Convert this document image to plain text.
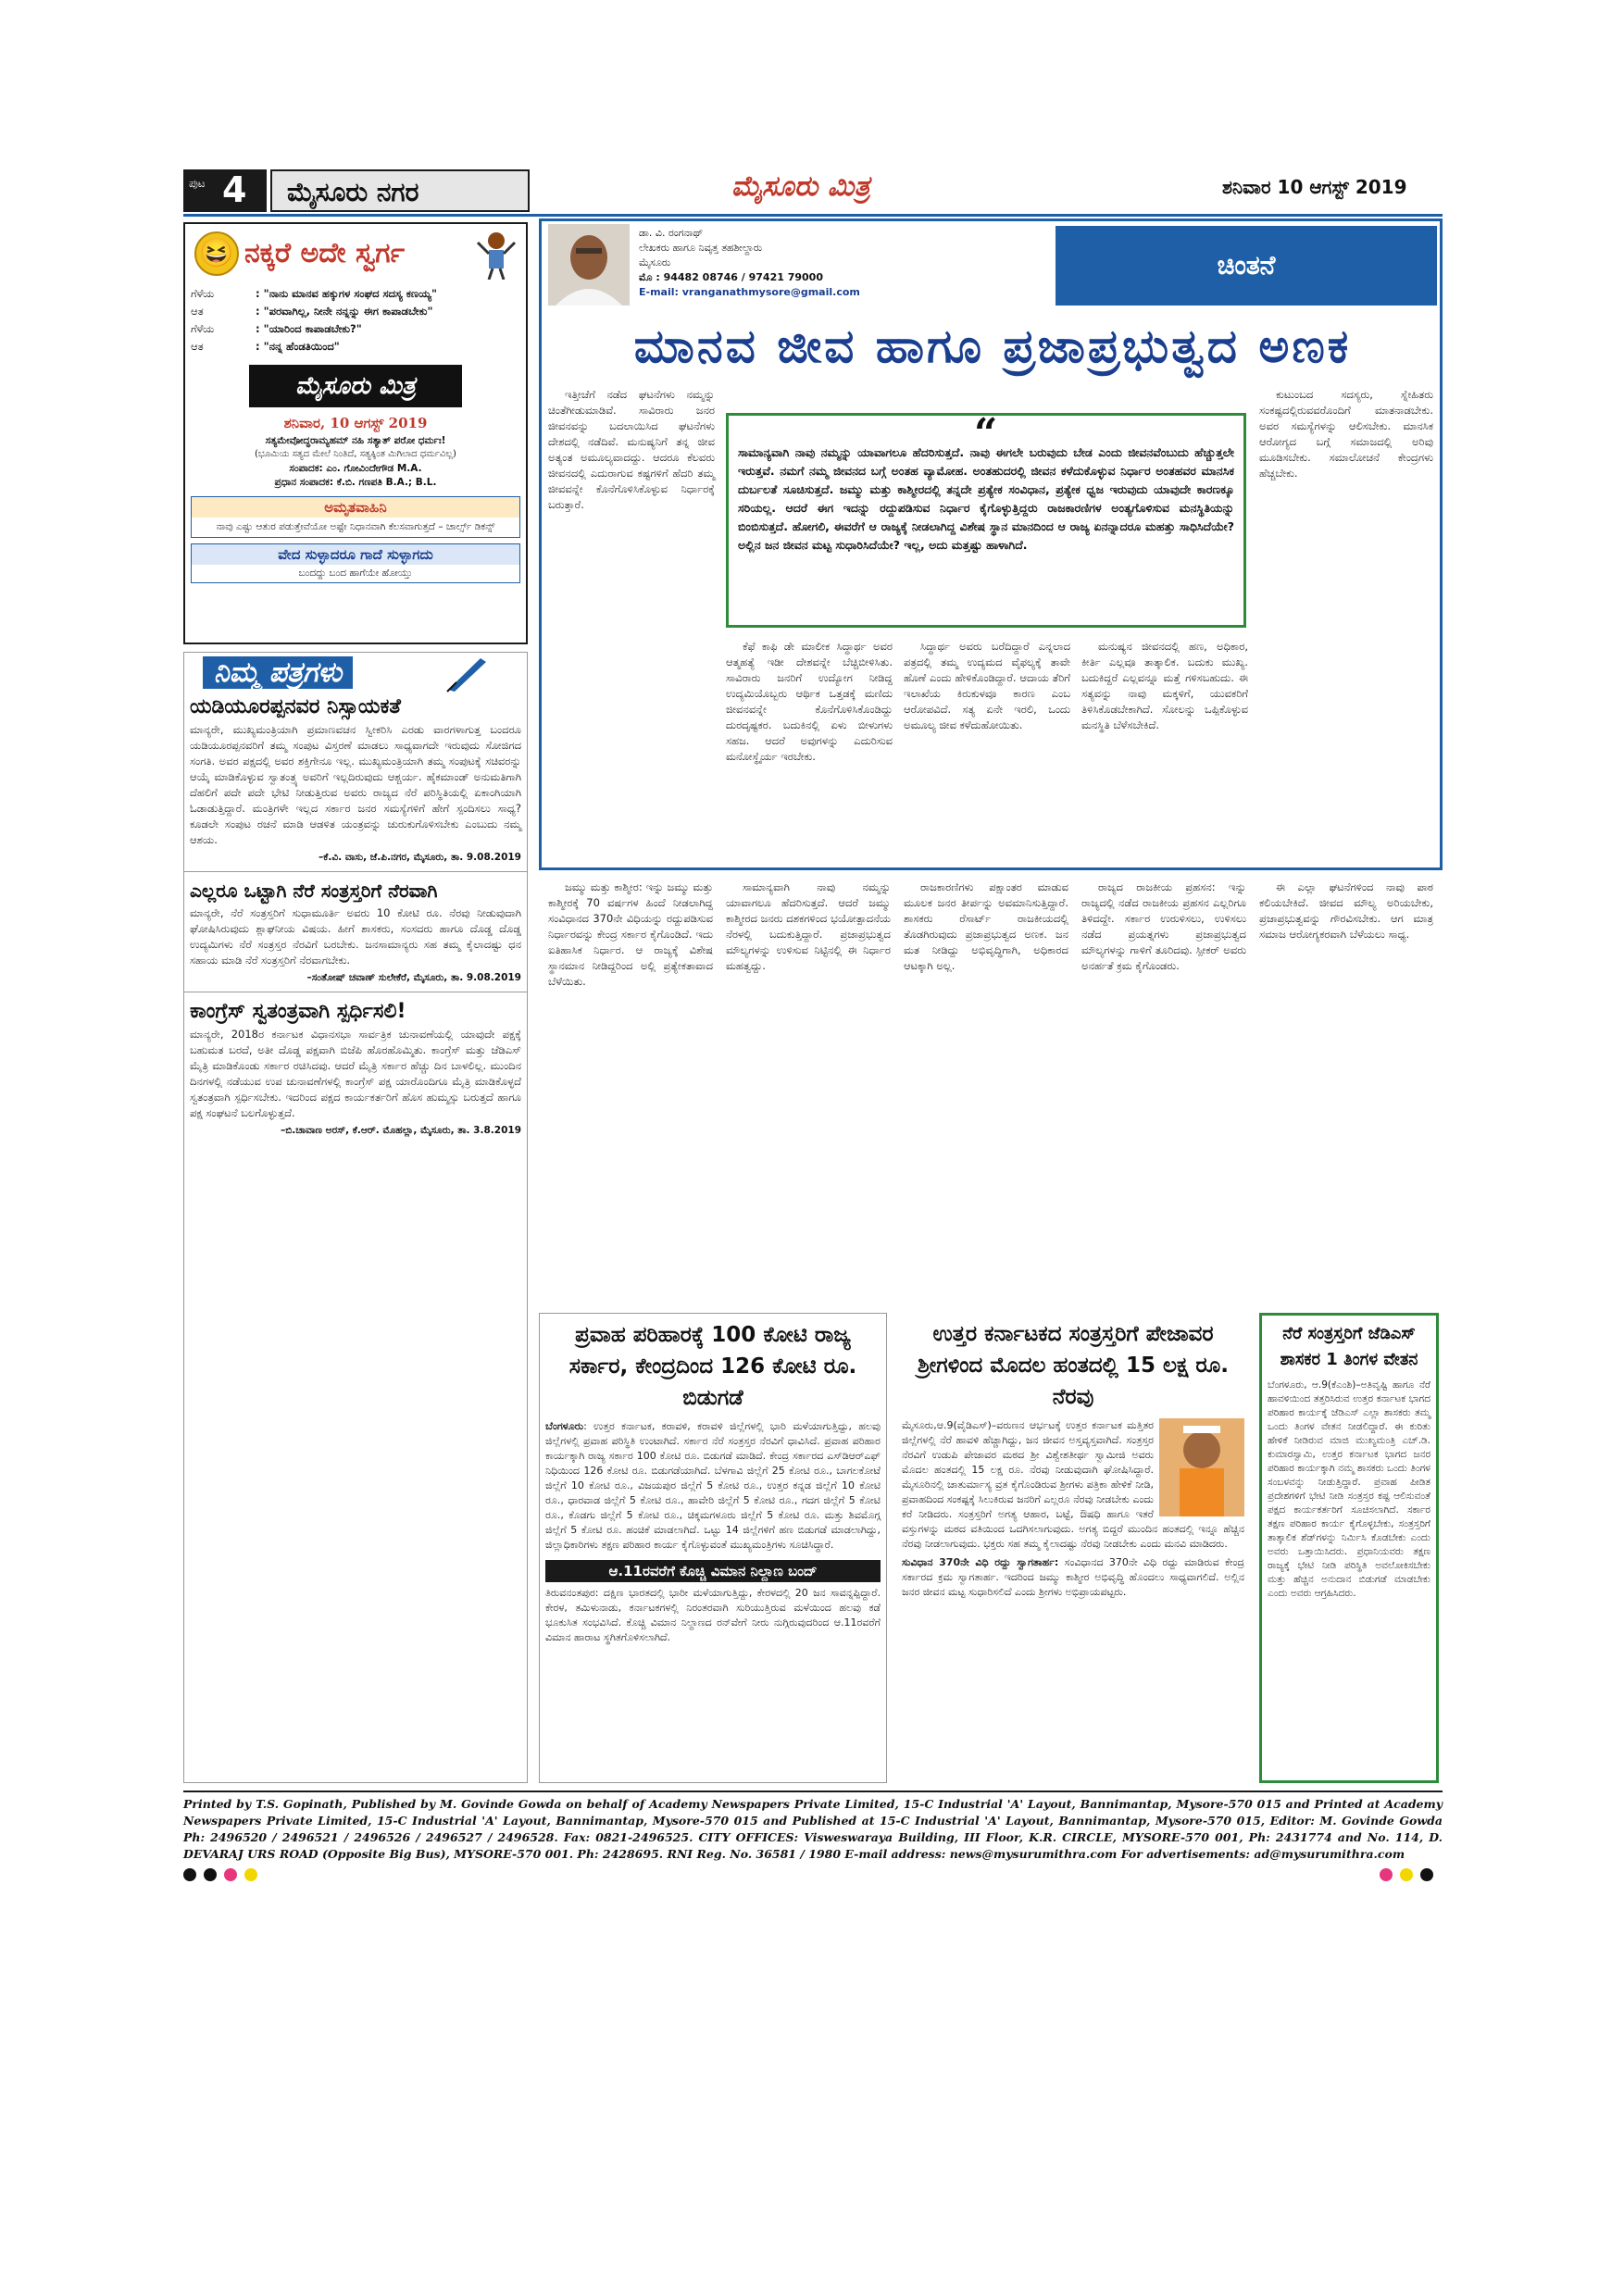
ಪುಟ 4 ಮೈಸೂರು ನಗರ	ಮೈಸೂರು ಮಿತ್ರ	ಶನಿವಾರ 10 ಆಗಸ್ಟ್ 2019
😆 ನಕ್ಕರೆ ಅದೇ ಸ್ವರ್ಗ
ಗೆಳೆಯ	: "ನಾನು ಮಾನವ ಹಕ್ಕುಗಳ ಸಂಘದ ಸದಸ್ಯ ಕಣಯ್ಯ"
ಆತ	: "ಪರವಾಗಿಲ್ಲ, ನೀನೇ ನನ್ನನ್ನು ಈಗ ಕಾಪಾಡಬೇಕು"
ಗೆಳೆಯ	: "ಯಾರಿಂದ ಕಾಪಾಡಬೇಕು?"
ಆತ	: "ನನ್ನ ಹೆಂಡತಿಯಿಂದ"
ಮೈಸೂರು ಮಿತ್ರ
ಶನಿವಾರ, 10 ಆಗಸ್ಟ್ 2019
ಸತ್ಯಮೇವೋದ್ಧರಾಮ್ಯಹಮ್ ನಹಿ ಸತ್ಯಾತ್ ಪರೋ ಧರ್ಮಃ!
(ಭೂಮಿಯ ಸತ್ಯದ ಮೇಲೆ ನಿಂತಿದೆ, ಸತ್ಯಕ್ಕಿಂತ ಮಿಗಿಲಾದ ಧರ್ಮವಿಲ್ಲ)
ಸಂಪಾದಕ: ಎಂ. ಗೋವಿಂದೇಗೌಡ M.A.
ಪ್ರಧಾನ ಸಂಪಾದಕ: ಕೆ.ಬಿ. ಗಣಪತಿ B.A.; B.L.
ಅಮೃತವಾಹಿನಿ
ನಾವು ಎಷ್ಟು ಆತುರ ಪಡುತ್ತೇವೆಯೋ ಅಷ್ಟೇ ನಿಧಾನವಾಗಿ ಕೆಲಸವಾಗುತ್ತದೆ – ಚಾರ್ಲ್ಸ್ ಡಿಕನ್ಸ್
ವೇದ ಸುಳ್ಳಾದರೂ ಗಾದೆ ಸುಳ್ಳಾಗದು
ಬಂದದ್ದು ಬಂದ ಹಾಗೆಯೇ ಹೋಯ್ತು
ನಿಮ್ಮ ಪತ್ರಗಳು
ಯಡಿಯೂರಪ್ಪನವರ ನಿಸ್ಸಾಯಕತೆ
ಮಾನ್ಯರೇ, ಮುಖ್ಯಮಂತ್ರಿಯಾಗಿ ಪ್ರಮಾಣವಚನ ಸ್ವೀಕರಿಸಿ ಎರಡು ವಾರಗಳಾಗುತ್ತ ಬಂದರೂ ಯಡಿಯೂರಪ್ಪನವರಿಗೆ ತಮ್ಮ ಸಂಪುಟ ವಿಸ್ತರಣೆ ಮಾಡಲು ಸಾಧ್ಯವಾಗದೇ ಇರುವುದು ಸೋಜಿಗದ ಸಂಗತಿ. ಅವರ ಪಕ್ಷದಲ್ಲಿ ಅವರ ಶಕ್ತಿಗೇನೂ ಇಲ್ಲ. ಮುಖ್ಯಮಂತ್ರಿಯಾಗಿ ತಮ್ಮ ಸಂಪುಟಕ್ಕೆ ಸಚಿವರನ್ನು ಆಯ್ಕೆ ಮಾಡಿಕೊಳ್ಳುವ ಸ್ವಾತಂತ್ರ್ಯ ಅವರಿಗೆ ಇಲ್ಲದಿರುವುದು ಆಶ್ಚರ್ಯ. ಹೈಕಮಾಂಡ್ ಅನುಮತಿಗಾಗಿ ದೆಹಲಿಗೆ ಪದೇ ಪದೇ ಭೇಟಿ ನೀಡುತ್ತಿರುವ ಅವರು ರಾಜ್ಯದ ನೆರೆ ಪರಿಸ್ಥಿತಿಯಲ್ಲಿ ಏಕಾಂಗಿಯಾಗಿ ಓಡಾಡುತ್ತಿದ್ದಾರೆ. ಮಂತ್ರಿಗಳೇ ಇಲ್ಲದ ಸರ್ಕಾರ ಜನರ ಸಮಸ್ಯೆಗಳಿಗೆ ಹೇಗೆ ಸ್ಪಂದಿಸಲು ಸಾಧ್ಯ? ಕೂಡಲೇ ಸಂಪುಟ ರಚನೆ ಮಾಡಿ ಆಡಳಿತ ಯಂತ್ರವನ್ನು ಚುರುಕುಗೊಳಿಸಬೇಕು ಎಂಬುದು ನಮ್ಮ ಆಶಯ.
–ಕೆ.ವಿ. ವಾಸು, ಜೆ.ಪಿ.ನಗರ, ಮೈಸೂರು, ತಾ. 9.08.2019
ಎಲ್ಲರೂ ಒಟ್ಟಾಗಿ ನೆರೆ ಸಂತ್ರಸ್ತರಿಗೆ ನೆರವಾಗಿ
ಮಾನ್ಯರೇ, ನೆರೆ ಸಂತ್ರಸ್ತರಿಗೆ ಸುಧಾಮೂರ್ತಿ ಅವರು 10 ಕೋಟಿ ರೂ. ನೆರವು ನೀಡುವುದಾಗಿ ಘೋಷಿಸಿರುವುದು ಶ್ಲಾಘನೀಯ ವಿಷಯ. ಹೀಗೆ ಶಾಸಕರು, ಸಂಸದರು ಹಾಗೂ ದೊಡ್ಡ ದೊಡ್ಡ ಉದ್ಯಮಿಗಳು ನೆರೆ ಸಂತ್ರಸ್ತರ ನೆರವಿಗೆ ಬರಬೇಕು. ಜನಸಾಮಾನ್ಯರು ಸಹ ತಮ್ಮ ಕೈಲಾದಷ್ಟು ಧನ ಸಹಾಯ ಮಾಡಿ ನೆರೆ ಸಂತ್ರಸ್ತರಿಗೆ ನೆರವಾಗಬೇಕು.
–ಸಂತೋಷ್ ಚವಾಣ್ ಸುಲೇಕೆರೆ, ಮೈಸೂರು, ತಾ. 9.08.2019
ಕಾಂಗ್ರೆಸ್ ಸ್ವತಂತ್ರವಾಗಿ ಸ್ಪರ್ಧಿಸಲಿ!
ಮಾನ್ಯರೇ, 2018ರ ಕರ್ನಾಟಕ ವಿಧಾನಸಭಾ ಸಾರ್ವತ್ರಿಕ ಚುನಾವಣೆಯಲ್ಲಿ ಯಾವುದೇ ಪಕ್ಷಕ್ಕೆ ಬಹುಮತ ಬರದೆ, ಅತೀ ದೊಡ್ಡ ಪಕ್ಷವಾಗಿ ಬಿಜೆಪಿ ಹೊರಹೊಮ್ಮಿತು. ಕಾಂಗ್ರೆಸ್ ಮತ್ತು ಜೆಡಿಎಸ್ ಮೈತ್ರಿ ಮಾಡಿಕೊಂಡು ಸರ್ಕಾರ ರಚಿಸಿದವು. ಆದರೆ ಮೈತ್ರಿ ಸರ್ಕಾರ ಹೆಚ್ಚು ದಿನ ಬಾಳಲಿಲ್ಲ. ಮುಂದಿನ ದಿನಗಳಲ್ಲಿ ನಡೆಯುವ ಉಪ ಚುನಾವಣೆಗಳಲ್ಲಿ ಕಾಂಗ್ರೆಸ್ ಪಕ್ಷ ಯಾರೊಂದಿಗೂ ಮೈತ್ರಿ ಮಾಡಿಕೊಳ್ಳದೆ ಸ್ವತಂತ್ರವಾಗಿ ಸ್ಪರ್ಧಿಸಬೇಕು. ಇದರಿಂದ ಪಕ್ಷದ ಕಾರ್ಯಕರ್ತರಿಗೆ ಹೊಸ ಹುಮ್ಮಸ್ಸು ಬರುತ್ತದೆ ಹಾಗೂ ಪಕ್ಷ ಸಂಘಟನೆ ಬಲಗೊಳ್ಳುತ್ತದೆ.
–ಬಿ.ಚಾವಾಣ ಅರಸ್, ಕೆ.ಆರ್. ಮೊಹಲ್ಲಾ, ಮೈಸೂರು, ತಾ. 3.8.2019
ಡಾ. ವಿ. ರಂಗನಾಥ್
ಲೇಖಕರು ಹಾಗೂ ನಿವೃತ್ತ ತಹಶೀಲ್ದಾರು
ಮೈಸೂರು
ಮೊ : 94482 08746 / 97421 79000
E-mail: vranganathmysore@gmail.com
ಚಿಂತನೆ
ಮಾನವ ಜೀವ ಹಾಗೂ ಪ್ರಜಾಪ್ರಭುತ್ವದ ಅಣಕ

ಇತ್ತೀಚೆಗೆ ನಡೆದ ಘಟನೆಗಳು ನಮ್ಮನ್ನು ಚಿಂತೆಗೀಡುಮಾಡಿವೆ. ಸಾವಿರಾರು ಜನರ ಜೀವನವನ್ನು ಬದಲಾಯಿಸಿದ ಘಟನೆಗಳು ದೇಶದಲ್ಲಿ ನಡೆದಿವೆ. ಮನುಷ್ಯನಿಗೆ ತನ್ನ ಜೀವ ಅತ್ಯಂತ ಅಮೂಲ್ಯವಾದದ್ದು. ಆದರೂ ಕೆಲವರು ಜೀವನದಲ್ಲಿ ಎದುರಾಗುವ ಕಷ್ಟಗಳಿಗೆ ಹೆದರಿ ತಮ್ಮ ಜೀವವನ್ನೇ ಕೊನೆಗೊಳಿಸಿಕೊಳ್ಳುವ ನಿರ್ಧಾರಕ್ಕೆ ಬರುತ್ತಾರೆ.

“
ಸಾಮಾನ್ಯವಾಗಿ ನಾವು ನಮ್ಮನ್ನು ಯಾವಾಗಲೂ ಹೆದರಿಸುತ್ತದೆ. ನಾವು ಈಗಲೇ ಬರುವುದು ಬೇಡ ಎಂದು ಜೀವನವೆಂಬುದು ಹೆಚ್ಚುತ್ತಲೇ ಇರುತ್ತವೆ. ನಮಗೆ ನಮ್ಮ ಜೀವನದ ಬಗ್ಗೆ ಅಂತಹ ವ್ಯಾಮೋಹ. ಅಂತಹುದರಲ್ಲಿ ಜೀವನ ಕಳೆದುಕೊಳ್ಳುವ ನಿರ್ಧಾರ ಅಂತಹವರ ಮಾನಸಿಕ ದುರ್ಬಲತೆ ಸೂಚಿಸುತ್ತದೆ. ಜಮ್ಮು ಮತ್ತು ಕಾಶ್ಮೀರದಲ್ಲಿ ತನ್ನದೇ ಪ್ರತ್ಯೇಕ ಸಂವಿಧಾನ, ಪ್ರತ್ಯೇಕ ಧ್ವಜ ಇರುವುದು ಯಾವುದೇ ಕಾರಣಕ್ಕೂ ಸರಿಯಲ್ಲ. ಆದರೆ ಈಗ ಇದನ್ನು ರದ್ದುಪಡಿಸುವ ನಿರ್ಧಾರ ಕೈಗೊಳ್ಳುತ್ತಿದ್ದರು ರಾಜಕಾರಣಿಗಳ ಅಂತ್ಯಗೊಳಿಸುವ ಮನಸ್ಥಿತಿಯನ್ನು ಬಿಂಬಿಸುತ್ತದೆ. ಹೋಗಲಿ, ಈವರೆಗೆ ಆ ರಾಜ್ಯಕ್ಕೆ ನೀಡಲಾಗಿದ್ದ ವಿಶೇಷ ಸ್ಥಾನ ಮಾನದಿಂದ ಆ ರಾಜ್ಯ ಏನನ್ನಾದರೂ ಮಹತ್ತು ಸಾಧಿಸಿದೆಯೇ? ಅಲ್ಲಿನ ಜನ ಜೀವನ ಮಟ್ಟ ಸುಧಾರಿಸಿದೆಯೇ? ಇಲ್ಲ, ಅದು ಮತ್ತಷ್ಟು ಹಾಳಾಗಿದೆ.

ಕೆಫೆ ಕಾಫಿ ಡೇ ಮಾಲೀಕ ಸಿದ್ಧಾರ್ಥ ಅವರ ಆತ್ಮಹತ್ಯೆ ಇಡೀ ದೇಶವನ್ನೇ ಬೆಚ್ಚಿಬೀಳಿಸಿತು. ಸಾವಿರಾರು ಜನರಿಗೆ ಉದ್ಯೋಗ ನೀಡಿದ್ದ ಉದ್ಯಮಿಯೊಬ್ಬರು ಆರ್ಥಿಕ ಒತ್ತಡಕ್ಕೆ ಮಣಿದು ಜೀವನವನ್ನೇ ಕೊನೆಗೊಳಿಸಿಕೊಂಡಿದ್ದು ದುರದೃಷ್ಟಕರ. ಬದುಕಿನಲ್ಲಿ ಏಳು ಬೀಳುಗಳು ಸಹಜ. ಆದರೆ ಅವುಗಳನ್ನು ಎದುರಿಸುವ ಮನೋಸ್ಥೈರ್ಯ ಇರಬೇಕು.

ಸಿದ್ಧಾರ್ಥ ಅವರು ಬರೆದಿದ್ದಾರೆ ಎನ್ನಲಾದ ಪತ್ರದಲ್ಲಿ ತಮ್ಮ ಉದ್ಯಮದ ವೈಫಲ್ಯಕ್ಕೆ ತಾವೇ ಹೊಣೆ ಎಂದು ಹೇಳಿಕೊಂಡಿದ್ದಾರೆ. ಆದಾಯ ತೆರಿಗೆ ಇಲಾಖೆಯ ಕಿರುಕುಳವೂ ಕಾರಣ ಎಂಬ ಆರೋಪವಿದೆ. ಸತ್ಯ ಏನೇ ಇರಲಿ, ಒಂದು ಅಮೂಲ್ಯ ಜೀವ ಕಳೆದುಹೋಯಿತು.

ಮನುಷ್ಯನ ಜೀವನದಲ್ಲಿ ಹಣ, ಅಧಿಕಾರ, ಕೀರ್ತಿ ಎಲ್ಲವೂ ತಾತ್ಕಾಲಿಕ. ಬದುಕು ಮುಖ್ಯ. ಬದುಕಿದ್ದರೆ ಎಲ್ಲವನ್ನೂ ಮತ್ತೆ ಗಳಿಸಬಹುದು. ಈ ಸತ್ಯವನ್ನು ನಾವು ಮಕ್ಕಳಿಗೆ, ಯುವಕರಿಗೆ ತಿಳಿಸಿಕೊಡಬೇಕಾಗಿದೆ. ಸೋಲನ್ನು ಒಪ್ಪಿಕೊಳ್ಳುವ ಮನಸ್ಥಿತಿ ಬೆಳೆಸಬೇಕಿದೆ.

ಕುಟುಂಬದ ಸದಸ್ಯರು, ಸ್ನೇಹಿತರು ಸಂಕಷ್ಟದಲ್ಲಿರುವವರೊಂದಿಗೆ ಮಾತನಾಡಬೇಕು. ಅವರ ಸಮಸ್ಯೆಗಳನ್ನು ಆಲಿಸಬೇಕು. ಮಾನಸಿಕ ಆರೋಗ್ಯದ ಬಗ್ಗೆ ಸಮಾಜದಲ್ಲಿ ಅರಿವು ಮೂಡಿಸಬೇಕು. ಸಮಾಲೋಚನೆ ಕೇಂದ್ರಗಳು ಹೆಚ್ಚಬೇಕು.

ಜಮ್ಮು ಮತ್ತು ಕಾಶ್ಮೀರ: ಇನ್ನು ಜಮ್ಮು ಮತ್ತು ಕಾಶ್ಮೀರಕ್ಕೆ 70 ವರ್ಷಗಳ ಹಿಂದೆ ನೀಡಲಾಗಿದ್ದ ಸಂವಿಧಾನದ 370ನೇ ವಿಧಿಯನ್ನು ರದ್ದುಪಡಿಸುವ ನಿರ್ಧಾರವನ್ನು ಕೇಂದ್ರ ಸರ್ಕಾರ ಕೈಗೊಂಡಿದೆ. ಇದು ಐತಿಹಾಸಿಕ ನಿರ್ಧಾರ. ಆ ರಾಜ್ಯಕ್ಕೆ ವಿಶೇಷ ಸ್ಥಾನಮಾನ ನೀಡಿದ್ದರಿಂದ ಅಲ್ಲಿ ಪ್ರತ್ಯೇಕತಾವಾದ ಬೆಳೆಯಿತು.

ಸಾಮಾನ್ಯವಾಗಿ ನಾವು ನಮ್ಮನ್ನು ಯಾವಾಗಲೂ ಹೆದರಿಸುತ್ತದೆ. ಆದರೆ ಜಮ್ಮು ಕಾಶ್ಮೀರದ ಜನರು ದಶಕಗಳಿಂದ ಭಯೋತ್ಪಾದನೆಯ ನೆರಳಲ್ಲಿ ಬದುಕುತ್ತಿದ್ದಾರೆ. ಪ್ರಜಾಪ್ರಭುತ್ವದ ಮೌಲ್ಯಗಳನ್ನು ಉಳಿಸುವ ನಿಟ್ಟಿನಲ್ಲಿ ಈ ನಿರ್ಧಾರ ಮಹತ್ವದ್ದು.

ರಾಜಕಾರಣಿಗಳು ಪಕ್ಷಾಂತರ ಮಾಡುವ ಮೂಲಕ ಜನರ ತೀರ್ಪನ್ನು ಅವಮಾನಿಸುತ್ತಿದ್ದಾರೆ. ಶಾಸಕರು ರೆಸಾರ್ಟ್ ರಾಜಕೀಯದಲ್ಲಿ ತೊಡಗಿರುವುದು ಪ್ರಜಾಪ್ರಭುತ್ವದ ಅಣಕ. ಜನ ಮತ ನೀಡಿದ್ದು ಅಭಿವೃದ್ಧಿಗಾಗಿ, ಅಧಿಕಾರದ ಆಟಕ್ಕಾಗಿ ಅಲ್ಲ.

ರಾಜ್ಯದ ರಾಜಕೀಯ ಪ್ರಹಸನ: ಇನ್ನು ರಾಜ್ಯದಲ್ಲಿ ನಡೆದ ರಾಜಕೀಯ ಪ್ರಹಸನ ಎಲ್ಲರಿಗೂ ತಿಳಿದದ್ದೇ. ಸರ್ಕಾರ ಉರುಳಿಸಲು, ಉಳಿಸಲು ನಡೆದ ಪ್ರಯತ್ನಗಳು ಪ್ರಜಾಪ್ರಭುತ್ವದ ಮೌಲ್ಯಗಳನ್ನು ಗಾಳಿಗೆ ತೂರಿದವು. ಸ್ಪೀಕರ್ ಅವರು ಅನರ್ಹತೆ ಕ್ರಮ ಕೈಗೊಂಡರು.

ಈ ಎಲ್ಲಾ ಘಟನೆಗಳಿಂದ ನಾವು ಪಾಠ ಕಲಿಯಬೇಕಿದೆ. ಜೀವದ ಮೌಲ್ಯ ಅರಿಯಬೇಕು, ಪ್ರಜಾಪ್ರಭುತ್ವವನ್ನು ಗೌರವಿಸಬೇಕು. ಆಗ ಮಾತ್ರ ಸಮಾಜ ಆರೋಗ್ಯಕರವಾಗಿ ಬೆಳೆಯಲು ಸಾಧ್ಯ.

ಪ್ರವಾಹ ಪರಿಹಾರಕ್ಕೆ 100 ಕೋಟಿ ರಾಜ್ಯ ಸರ್ಕಾರ, ಕೇಂದ್ರದಿಂದ 126 ಕೋಟಿ ರೂ. ಬಿಡುಗಡೆ
ಬೆಂಗಳೂರು: ಉತ್ತರ ಕರ್ನಾಟಕ, ಕರಾವಳಿ, ಕರಾವಳಿ ಜಿಲ್ಲೆಗಳಲ್ಲಿ ಭಾರಿ ಮಳೆಯಾಗುತ್ತಿದ್ದು, ಹಲವು ಜಿಲ್ಲೆಗಳಲ್ಲಿ ಪ್ರವಾಹ ಪರಿಸ್ಥಿತಿ ಉಂಟಾಗಿದೆ. ಸರ್ಕಾರ ನೆರೆ ಸಂತ್ರಸ್ತರ ನೆರವಿಗೆ ಧಾವಿಸಿದೆ. ಪ್ರವಾಹ ಪರಿಹಾರ ಕಾರ್ಯಕ್ಕಾಗಿ ರಾಜ್ಯ ಸರ್ಕಾರ 100 ಕೋಟಿ ರೂ. ಬಿಡುಗಡೆ ಮಾಡಿದೆ. ಕೇಂದ್ರ ಸರ್ಕಾರದ ಎಸ್‌ಡಿಆರ್‌ಎಫ್ ನಿಧಿಯಿಂದ 126 ಕೋಟಿ ರೂ. ಬಿಡುಗಡೆಯಾಗಿದೆ. ಬೆಳಗಾವಿ ಜಿಲ್ಲೆಗೆ 25 ಕೋಟಿ ರೂ., ಬಾಗಲಕೋಟೆ ಜಿಲ್ಲೆಗೆ 10 ಕೋಟಿ ರೂ., ವಿಜಯಪುರ ಜಿಲ್ಲೆಗೆ 5 ಕೋಟಿ ರೂ., ಉತ್ತರ ಕನ್ನಡ ಜಿಲ್ಲೆಗೆ 10 ಕೋಟಿ ರೂ., ಧಾರವಾಡ ಜಿಲ್ಲೆಗೆ 5 ಕೋಟಿ ರೂ., ಹಾವೇರಿ ಜಿಲ್ಲೆಗೆ 5 ಕೋಟಿ ರೂ., ಗದಗ ಜಿಲ್ಲೆಗೆ 5 ಕೋಟಿ ರೂ., ಕೊಡಗು ಜಿಲ್ಲೆಗೆ 5 ಕೋಟಿ ರೂ., ಚಿಕ್ಕಮಗಳೂರು ಜಿಲ್ಲೆಗೆ 5 ಕೋಟಿ ರೂ. ಮತ್ತು ಶಿವಮೊಗ್ಗ ಜಿಲ್ಲೆಗೆ 5 ಕೋಟಿ ರೂ. ಹಂಚಿಕೆ ಮಾಡಲಾಗಿದೆ. ಒಟ್ಟು 14 ಜಿಲ್ಲೆಗಳಿಗೆ ಹಣ ಬಿಡುಗಡೆ ಮಾಡಲಾಗಿದ್ದು, ಜಿಲ್ಲಾಧಿಕಾರಿಗಳು ತಕ್ಷಣ ಪರಿಹಾರ ಕಾರ್ಯ ಕೈಗೊಳ್ಳುವಂತೆ ಮುಖ್ಯಮಂತ್ರಿಗಳು ಸೂಚಿಸಿದ್ದಾರೆ.
ಆ.11ರವರೆಗೆ ಕೊಚ್ಚಿ ವಿಮಾನ ನಿಲ್ದಾಣ ಬಂದ್
ತಿರುವನಂತಪುರ: ದಕ್ಷಿಣ ಭಾರತದಲ್ಲಿ ಭಾರೀ ಮಳೆಯಾಗುತ್ತಿದ್ದು, ಕೇರಳದಲ್ಲಿ 20 ಜನ ಸಾವನ್ನಪ್ಪಿದ್ದಾರೆ. ಕೇರಳ, ತಮಿಳುನಾಡು, ಕರ್ನಾಟಕಗಳಲ್ಲಿ ನಿರಂತರವಾಗಿ ಸುರಿಯುತ್ತಿರುವ ಮಳೆಯಿಂದ ಹಲವು ಕಡೆ ಭೂಕುಸಿತ ಸಂಭವಿಸಿದೆ. ಕೊಚ್ಚಿ ವಿಮಾನ ನಿಲ್ದಾಣದ ರನ್‌ವೇಗೆ ನೀರು ನುಗ್ಗಿರುವುದರಿಂದ ಆ.11ರವರೆಗೆ ವಿಮಾನ ಹಾರಾಟ ಸ್ಥಗಿತಗೊಳಿಸಲಾಗಿದೆ.
ಉತ್ತರ ಕರ್ನಾಟಕದ ಸಂತ್ರಸ್ತರಿಗೆ ಪೇಜಾವರ ಶ್ರೀಗಳಿಂದ ಮೊದಲ ಹಂತದಲ್ಲಿ 15 ಲಕ್ಷ ರೂ. ನೆರವು
ಮೈಸೂರು,ಆ.9(ವೈಡಿಎಸ್)–ವರುಣನ ಆರ್ಭಟಕ್ಕೆ ಉತ್ತರ ಕರ್ನಾಟಕ ಮತ್ತಿತರ ಜಿಲ್ಲೆಗಳಲ್ಲಿ ನೆರೆ ಹಾವಳಿ ಹೆಚ್ಚಾಗಿದ್ದು, ಜನ ಜೀವನ ಅಸ್ತವ್ಯಸ್ತವಾಗಿದೆ. ಸಂತ್ರಸ್ತರ ನೆರವಿಗೆ ಉಡುಪಿ ಪೇಜಾವರ ಮಠದ ಶ್ರೀ ವಿಶ್ವೇಶತೀರ್ಥ ಸ್ವಾಮೀಜಿ ಅವರು ಮೊದಲ ಹಂತದಲ್ಲಿ 15 ಲಕ್ಷ ರೂ. ನೆರವು ನೀಡುವುದಾಗಿ ಘೋಷಿಸಿದ್ದಾರೆ. ಮೈಸೂರಿನಲ್ಲಿ ಚಾತುರ್ಮಾಸ್ಯ ವ್ರತ ಕೈಗೊಂಡಿರುವ ಶ್ರೀಗಳು ಪತ್ರಿಕಾ ಹೇಳಿಕೆ ನೀಡಿ, ಪ್ರವಾಹದಿಂದ ಸಂಕಷ್ಟಕ್ಕೆ ಸಿಲುಕಿರುವ ಜನರಿಗೆ ಎಲ್ಲರೂ ನೆರವು ನೀಡಬೇಕು ಎಂದು ಕರೆ ನೀಡಿದರು. ಸಂತ್ರಸ್ತರಿಗೆ ಅಗತ್ಯ ಆಹಾರ, ಬಟ್ಟೆ, ಔಷಧಿ ಹಾಗೂ ಇತರೆ ವಸ್ತುಗಳನ್ನು ಮಠದ ವತಿಯಿಂದ ಒದಗಿಸಲಾಗುವುದು. ಅಗತ್ಯ ಬಿದ್ದರೆ ಮುಂದಿನ ಹಂತದಲ್ಲಿ ಇನ್ನೂ ಹೆಚ್ಚಿನ ನೆರವು ನೀಡಲಾಗುವುದು. ಭಕ್ತರು ಸಹ ತಮ್ಮ ಕೈಲಾದಷ್ಟು ನೆರವು ನೀಡಬೇಕು ಎಂದು ಮನವಿ ಮಾಡಿದರು.
ಸುವಿಧಾನ 370ನೇ ವಿಧಿ ರದ್ದು ಸ್ವಾಗತಾರ್ಹ: ಸಂವಿಧಾನದ 370ನೇ ವಿಧಿ ರದ್ದು ಮಾಡಿರುವ ಕೇಂದ್ರ ಸರ್ಕಾರದ ಕ್ರಮ ಸ್ವಾಗತಾರ್ಹ. ಇದರಿಂದ ಜಮ್ಮು ಕಾಶ್ಮೀರ ಅಭಿವೃದ್ಧಿ ಹೊಂದಲು ಸಾಧ್ಯವಾಗಲಿದೆ. ಅಲ್ಲಿನ ಜನರ ಜೀವನ ಮಟ್ಟ ಸುಧಾರಿಸಲಿದೆ ಎಂದು ಶ್ರೀಗಳು ಅಭಿಪ್ರಾಯಪಟ್ಟರು.
ನೆರೆ ಸಂತ್ರಸ್ತರಿಗೆ ಜೆಡಿಎಸ್ ಶಾಸಕರ 1 ತಿಂಗಳ ವೇತನ
ಬೆಂಗಳೂರು, ಆ.9(ಕೆಎಂಶಿ)–ಅತಿವೃಷ್ಟಿ ಹಾಗೂ ನೆರೆ ಹಾವಳಿಯಿಂದ ತತ್ತರಿಸಿರುವ ಉತ್ತರ ಕರ್ನಾಟಕ ಭಾಗದ ಪರಿಹಾರ ಕಾರ್ಯಕ್ಕೆ ಜೆಡಿಎಸ್ ಎಲ್ಲಾ ಶಾಸಕರು ತಮ್ಮ ಒಂದು ತಿಂಗಳ ವೇತನ ನೀಡಲಿದ್ದಾರೆ. ಈ ಕುರಿತು ಹೇಳಿಕೆ ನೀಡಿರುವ ಮಾಜಿ ಮುಖ್ಯಮಂತ್ರಿ ಎಚ್.ಡಿ. ಕುಮಾರಸ್ವಾಮಿ, ಉತ್ತರ ಕರ್ನಾಟಕ ಭಾಗದ ಜನರ ಪರಿಹಾರ ಕಾರ್ಯಕ್ಕಾಗಿ ನಮ್ಮ ಶಾಸಕರು ಒಂದು ತಿಂಗಳ ಸಂಬಳವನ್ನು ನೀಡುತ್ತಿದ್ದಾರೆ. ಪ್ರವಾಹ ಪೀಡಿತ ಪ್ರದೇಶಗಳಿಗೆ ಭೇಟಿ ನೀಡಿ ಸಂತ್ರಸ್ತರ ಕಷ್ಟ ಆಲಿಸುವಂತೆ ಪಕ್ಷದ ಕಾರ್ಯಕರ್ತರಿಗೆ ಸೂಚಿಸಲಾಗಿದೆ. ಸರ್ಕಾರ ತಕ್ಷಣ ಪರಿಹಾರ ಕಾರ್ಯ ಕೈಗೊಳ್ಳಬೇಕು, ಸಂತ್ರಸ್ತರಿಗೆ ತಾತ್ಕಾಲಿಕ ಶೆಡ್‌ಗಳನ್ನು ನಿರ್ಮಿಸಿ ಕೊಡಬೇಕು ಎಂದು ಅವರು ಒತ್ತಾಯಿಸಿದರು. ಪ್ರಧಾನಿಯವರು ತಕ್ಷಣ ರಾಜ್ಯಕ್ಕೆ ಭೇಟಿ ನೀಡಿ ಪರಿಸ್ಥಿತಿ ಅವಲೋಕಿಸಬೇಕು ಮತ್ತು ಹೆಚ್ಚಿನ ಅನುದಾನ ಬಿಡುಗಡೆ ಮಾಡಬೇಕು ಎಂದು ಅವರು ಆಗ್ರಹಿಸಿದರು.
Printed by T.S. Gopinath, Published by M. Govinde Gowda on behalf of Academy Newspapers Private Limited, 15-C Industrial 'A' Layout, Bannimantap, Mysore-570 015 and Printed at Academy Newspapers Private Limited, 15-C Industrial 'A' Layout, Bannimantap, Mysore-570 015 and Published at 15-C Industrial 'A' Layout, Bannimantap, Mysore-570 015, Editor: M. Govinde Gowda Ph: 2496520 / 2496521 / 2496526 / 2496527 / 2496528. Fax: 0821-2496525. CITY OFFICES: Visweswaraya Building, III Floor, K.R. CIRCLE, MYSORE-570 001, Ph: 2431774 and No. 114, D. DEVARAJ URS ROAD (Opposite Big Bus), MYSORE-570 001. Ph: 2428695. RNI Reg. No. 36581 / 1980 E-mail address: news@mysurumithra.com For advertisements: ad@mysurumithra.com
